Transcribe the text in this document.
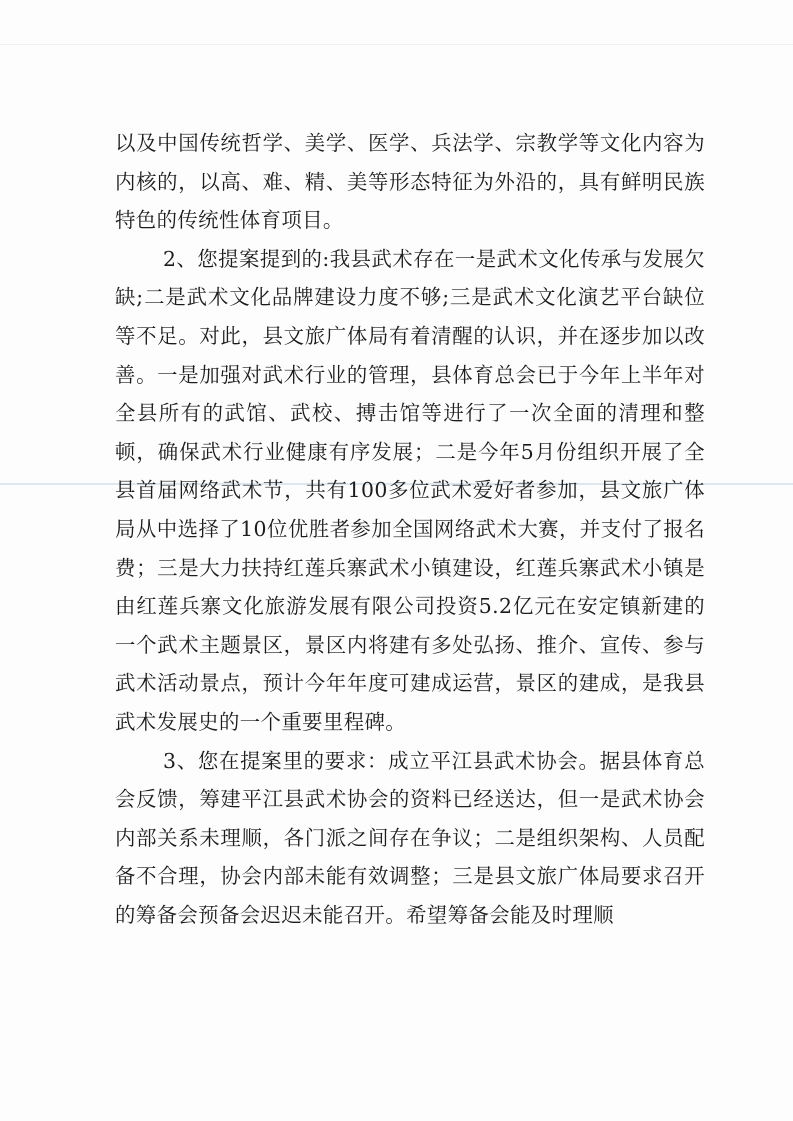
以及中国传统哲学、美学、医学、兵法学、宗教学等文化内容为内核的，以高、难、精、美等形态特征为外沿的，具有鲜明民族特色的传统性体育项目。

2、您提案提到的:我县武术存在一是武术文化传承与发展欠缺;二是武术文化品牌建设力度不够;三是武术文化演艺平台缺位等不足。对此，县文旅广体局有着清醒的认识，并在逐步加以改善。一是加强对武术行业的管理，县体育总会已于今年上半年对全县所有的武馆、武校、搏击馆等进行了一次全面的清理和整顿，确保武术行业健康有序发展；二是今年5月份组织开展了全县首届网络武术节，共有100多位武术爱好者参加，县文旅广体局从中选择了10位优胜者参加全国网络武术大赛，并支付了报名费；三是大力扶持红莲兵寨武术小镇建设，红莲兵寨武术小镇是由红莲兵寨文化旅游发展有限公司投资5.2亿元在安定镇新建的一个武术主题景区，景区内将建有多处弘扬、推介、宣传、参与武术活动景点，预计今年年度可建成运营，景区的建成，是我县武术发展史的一个重要里程碑。

3、您在提案里的要求：成立平江县武术协会。据县体育总会反馈，筹建平江县武术协会的资料已经送达，但一是武术协会内部关系未理顺，各门派之间存在争议；二是组织架构、人员配备不合理，协会内部未能有效调整；三是县文旅广体局要求召开的筹备会预备会迟迟未能召开。希望筹备会能及时理顺
